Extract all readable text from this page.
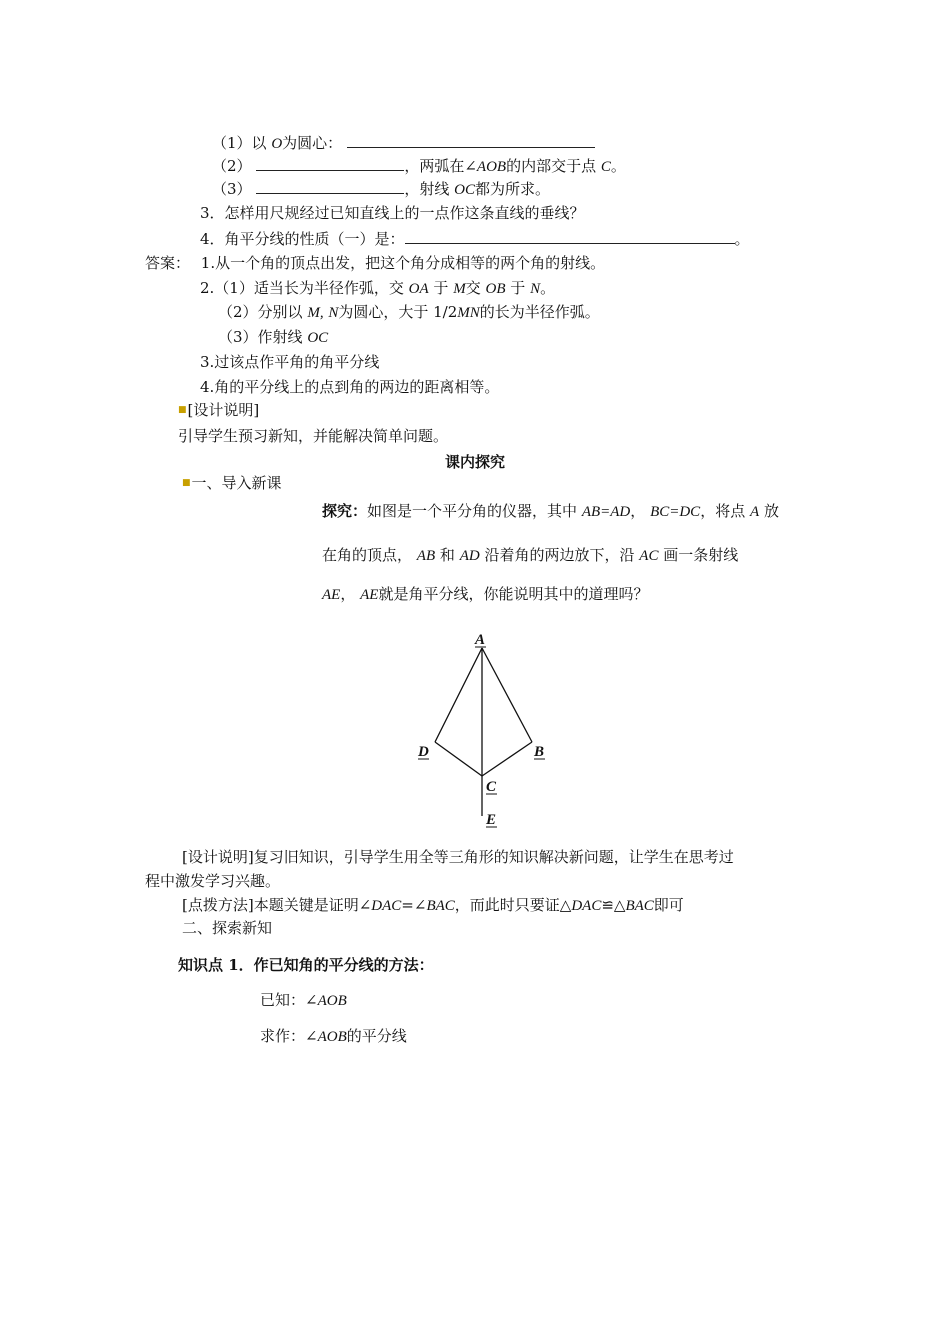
（1）以 O为圆心：
（2）	，两弧在∠AOB的内部交于点 C。
（3）	，射线 OC都为所求。
3．怎样用尺规经过已知直线上的一点作这条直线的垂线？
4．角平分线的性质（一）是：	。
答案： 1.从一个角的顶点出发，把这个角分成相等的两个角的射线。
2.（1）适当长为半径作弧，交 OA 于 M交 OB 于 N。
（2）分别以 M, N为圆心，大于 1/2MN的长为半径作弧。
（3）作射线 OC
3.过该点作平角的角平分线
4.角的平分线上的点到角的两边的距离相等。
■[设计说明]
引导学生预习新知，并能解决简单问题。
课内探究
■一、导入新课
探究：如图是一个平分角的仪器，其中 AB=AD， BC=DC，将点 A 放
在角的顶点， AB 和 AD 沿着角的两边放下，沿 AC 画一条射线
AE， AE就是角平分线，你能说明其中的道理吗？
A
D	B
C
E
[设计说明]复习旧知识，引导学生用全等三角形的知识解决新问题，让学生在思考过
程中激发学习兴趣。
[点拨方法]本题关键是证明∠DAC=∠BAC，而此时只要证△DAC≌△BAC即可
二、探索新知
知识点 1．作已知角的平分线的方法：
已知：∠AOB
求作：∠AOB的平分线
